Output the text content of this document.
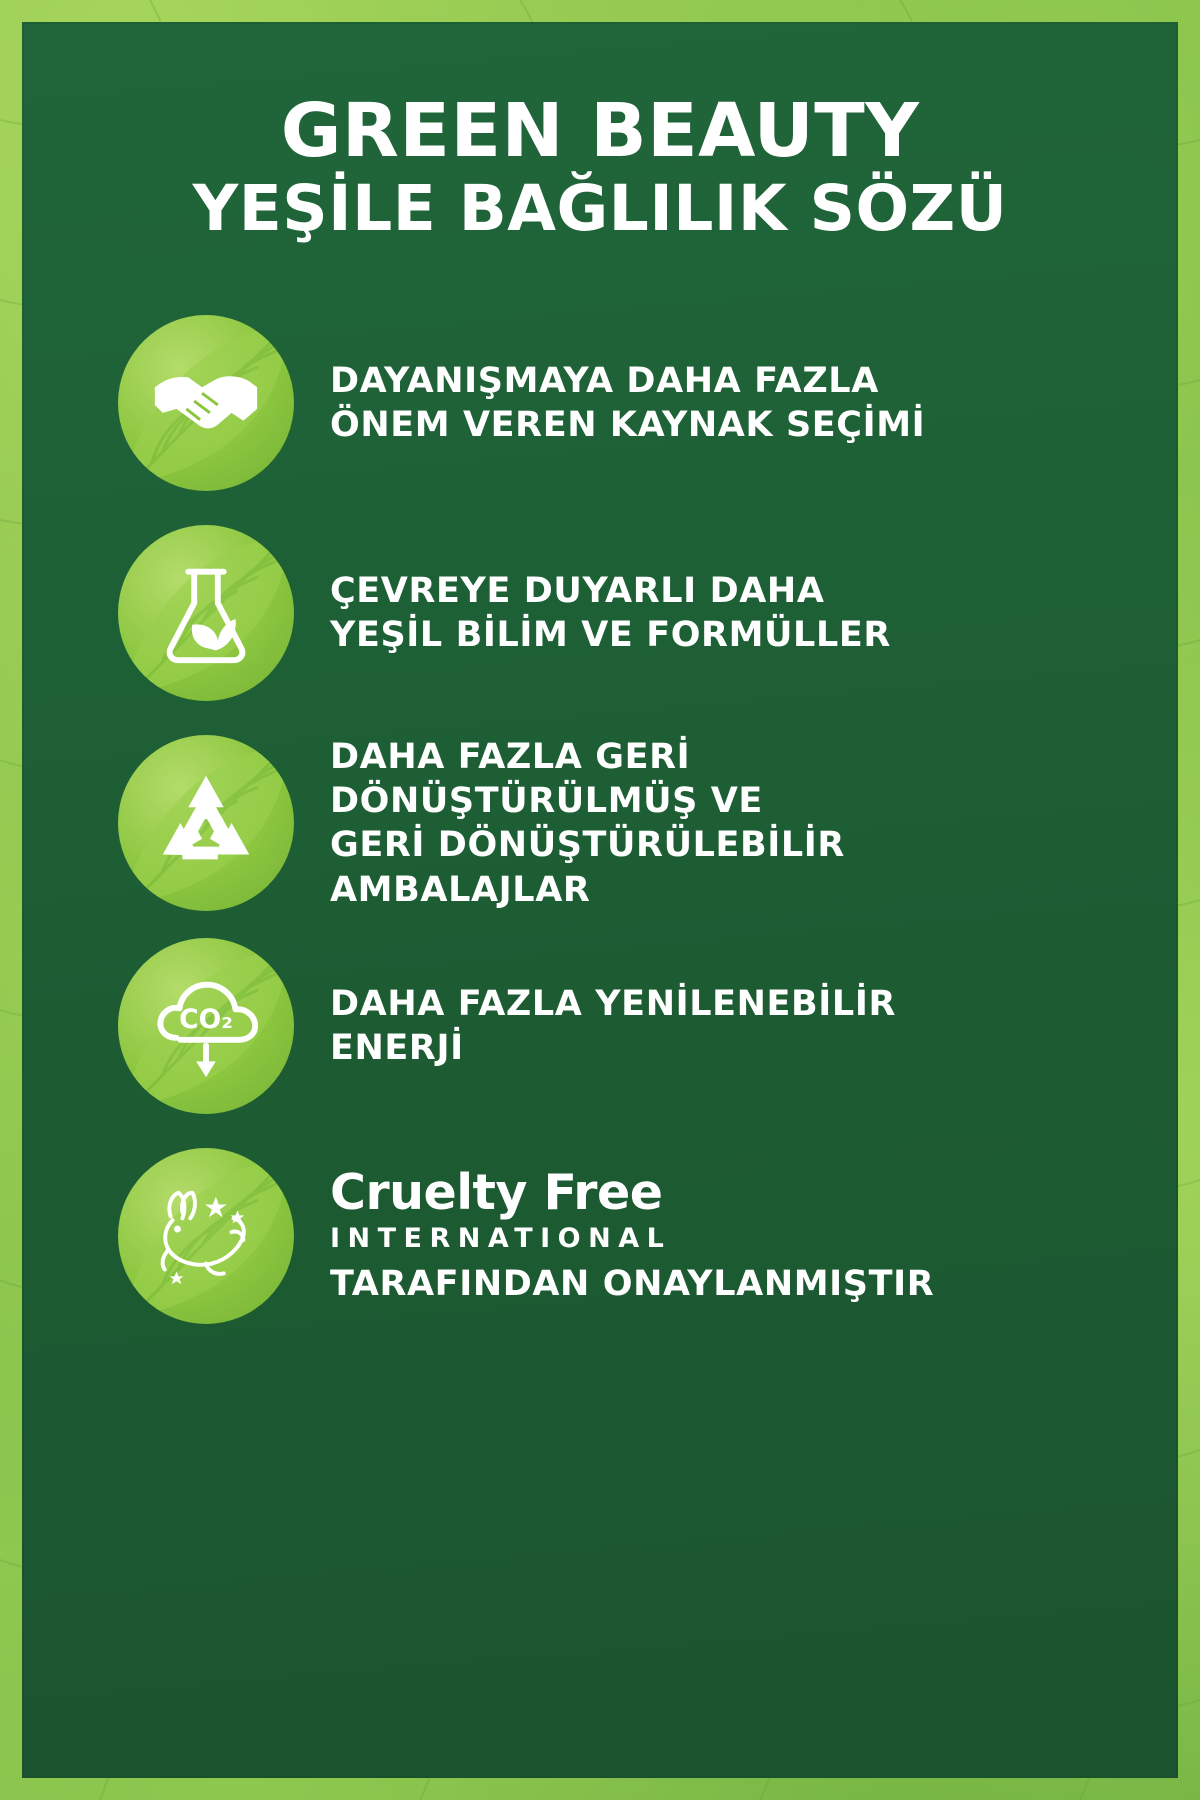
GREEN BEAUTY
YEŞİLE BAĞLILIK SÖZÜ
DAYANIŞMAYA DAHA FAZLA
ÖNEM VEREN KAYNAK SEÇİMİ
ÇEVREYE DUYARLI DAHA
YEŞİL BİLİM VE FORMÜLLER
DAHA FAZLA GERİ
DÖNÜŞTÜRÜLMÜŞ VE
GERİ DÖNÜŞTÜRÜLEBİLİR
AMBALAJLAR
CO₂	DAHA FAZLA YENİLENEBİLİR
ENERJİ
Cruelty Free
INTERNATIONAL
TARAFINDAN ONAYLANMIŞTIR
